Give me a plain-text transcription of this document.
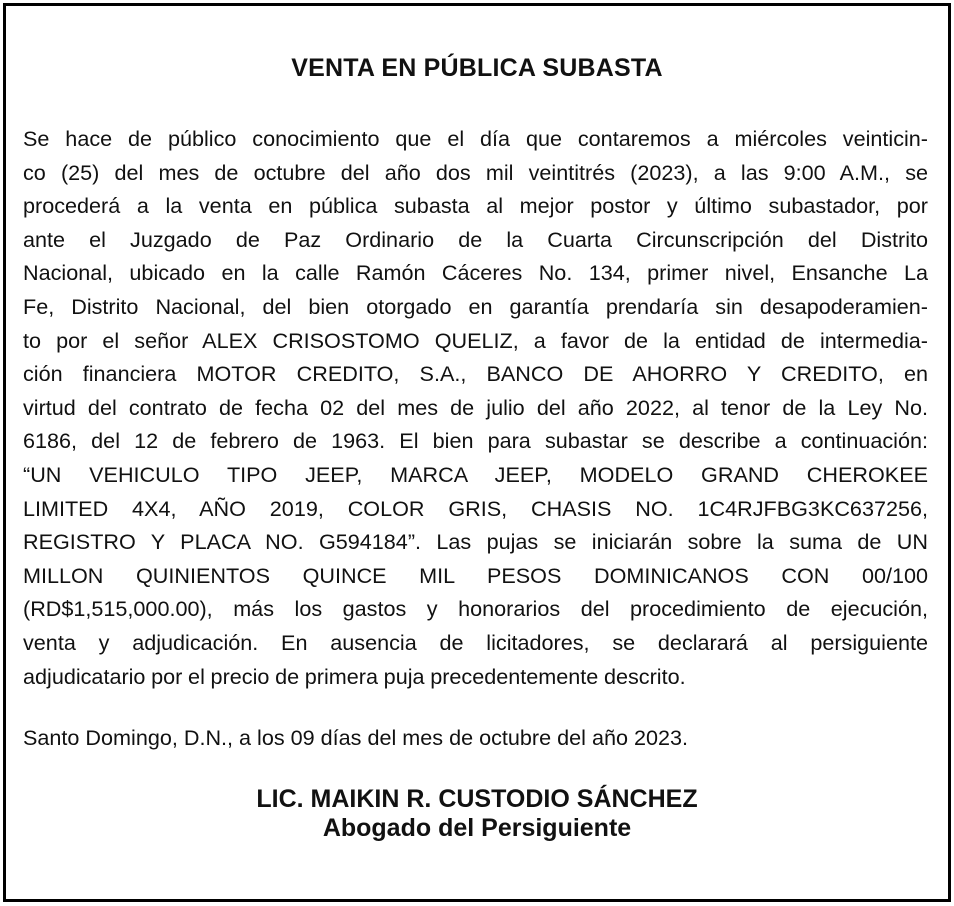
VENTA EN PÚBLICA SUBASTA
Se hace de público conocimiento que el día que contaremos a miércoles veinticin-
co (25) del mes de octubre del año dos mil veintitrés (2023), a las 9:00 A.M., se
procederá a la venta en pública subasta al mejor postor y último subastador, por
ante el Juzgado de Paz Ordinario de la Cuarta Circunscripción del Distrito
Nacional, ubicado en la calle Ramón Cáceres No. 134, primer nivel, Ensanche La
Fe, Distrito Nacional, del bien otorgado en garantía prendaría sin desapoderamien-
to por el señor ALEX CRISOSTOMO QUELIZ, a favor de la entidad de intermedia-
ción financiera MOTOR CREDITO, S.A., BANCO DE AHORRO Y CREDITO, en
virtud del contrato de fecha 02 del mes de julio del año 2022, al tenor de la Ley No.
6186, del 12 de febrero de 1963. El bien para subastar se describe a continuación:
“UN VEHICULO TIPO JEEP, MARCA JEEP, MODELO GRAND CHEROKEE
LIMITED 4X4, AÑO 2019, COLOR GRIS, CHASIS NO. 1C4RJFBG3KC637256,
REGISTRO Y PLACA NO. G594184”. Las pujas se iniciarán sobre la suma de UN
MILLON QUINIENTOS QUINCE MIL PESOS DOMINICANOS CON 00/100
(RD$1,515,000.00), más los gastos y honorarios del procedimiento de ejecución,
venta y adjudicación. En ausencia de licitadores, se declarará al persiguiente
adjudicatario por el precio de primera puja precedentemente descrito.
Santo Domingo, D.N., a los 09 días del mes de octubre del año 2023.
LIC. MAIKIN R. CUSTODIO SÁNCHEZ
Abogado del Persiguiente
